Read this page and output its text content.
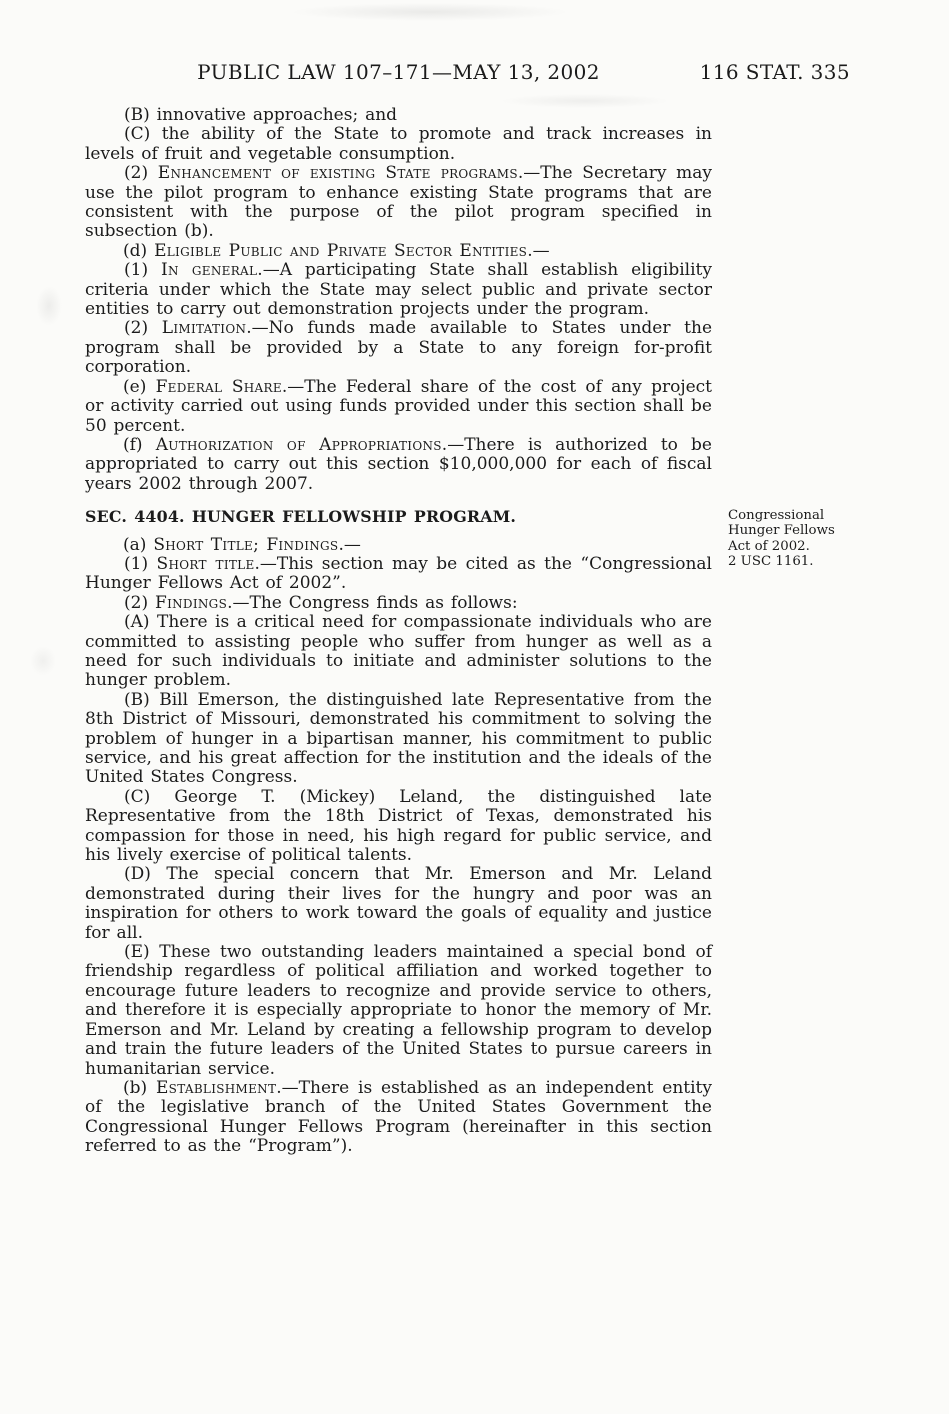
PUBLIC LAW 107–171—MAY 13, 2002	116 STAT. 335

(B) innovative approaches; and

(C) the ability of the State to promote and track increases in levels of fruit and vegetable consumption.

(2) Enhancement of existing State programs.—The Secretary may use the pilot program to enhance existing State programs that are consistent with the purpose of the pilot program specified in subsection (b).

(d) Eligible Public and Private Sector Entities.—

(1) In general.—A participating State shall establish eligibility criteria under which the State may select public and private sector entities to carry out demonstration projects under the program.

(2) Limitation.—No funds made available to States under the program shall be provided by a State to any foreign for-profit corporation.

(e) Federal Share.—The Federal share of the cost of any project or activity carried out using funds provided under this section shall be 50 percent.

(f) Authorization of Appropriations.—There is authorized to be appropriated to carry out this section $10,000,000 for each of fiscal years 2002 through 2007.

SEC. 4404. HUNGER FELLOWSHIP PROGRAM.	Congressional Hunger Fellows Act of 2002.

2 USC 1161.

(a) Short Title; Findings.—

(1) Short title.—This section may be cited as the “Congressional Hunger Fellows Act of 2002”.

(2) Findings.—The Congress finds as follows:

(A) There is a critical need for compassionate individuals who are committed to assisting people who suffer from hunger as well as a need for such individuals to initiate and administer solutions to the hunger problem.

(B) Bill Emerson, the distinguished late Representative from the 8th District of Missouri, demonstrated his commitment to solving the problem of hunger in a bipartisan manner, his commitment to public service, and his great affection for the institution and the ideals of the United States Congress.

(C) George T. (Mickey) Leland, the distinguished late Representative from the 18th District of Texas, demonstrated his compassion for those in need, his high regard for public service, and his lively exercise of political talents.

(D) The special concern that Mr. Emerson and Mr. Leland demonstrated during their lives for the hungry and poor was an inspiration for others to work toward the goals of equality and justice for all.

(E) These two outstanding leaders maintained a special bond of friendship regardless of political affiliation and worked together to encourage future leaders to recognize and provide service to others, and therefore it is especially appropriate to honor the memory of Mr. Emerson and Mr. Leland by creating a fellowship program to develop and train the future leaders of the United States to pursue careers in humanitarian service.

(b) Establishment.—There is established as an independent entity of the legislative branch of the United States Government the Congressional Hunger Fellows Program (hereinafter in this section referred to as the “Program”).
